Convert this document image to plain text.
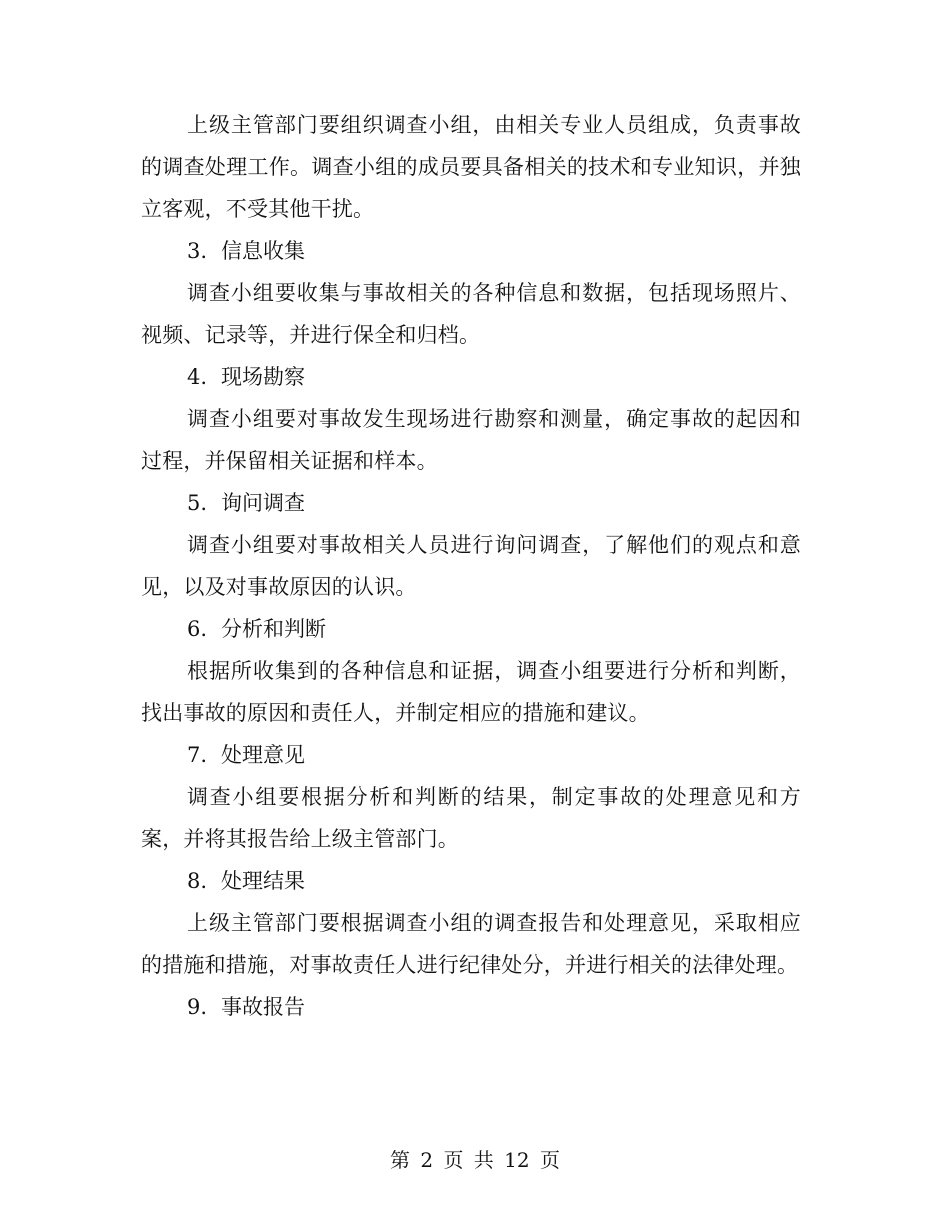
上级主管部门要组织调查小组，由相关专业人员组成，负责事故的调查处理工作。调查小组的成员要具备相关的技术和专业知识，并独立客观，不受其他干扰。

3. 信息收集

调查小组要收集与事故相关的各种信息和数据，包括现场照片、视频、记录等，并进行保全和归档。

4. 现场勘察

调查小组要对事故发生现场进行勘察和测量，确定事故的起因和过程，并保留相关证据和样本。

5. 询问调查

调查小组要对事故相关人员进行询问调查，了解他们的观点和意见，以及对事故原因的认识。

6. 分析和判断

根据所收集到的各种信息和证据，调查小组要进行分析和判断，找出事故的原因和责任人，并制定相应的措施和建议。

7. 处理意见

调查小组要根据分析和判断的结果，制定事故的处理意见和方案，并将其报告给上级主管部门。

8. 处理结果

上级主管部门要根据调查小组的调查报告和处理意见，采取相应的措施和措施，对事故责任人进行纪律处分，并进行相关的法律处理。

9. 事故报告
第 2 页 共 12 页
